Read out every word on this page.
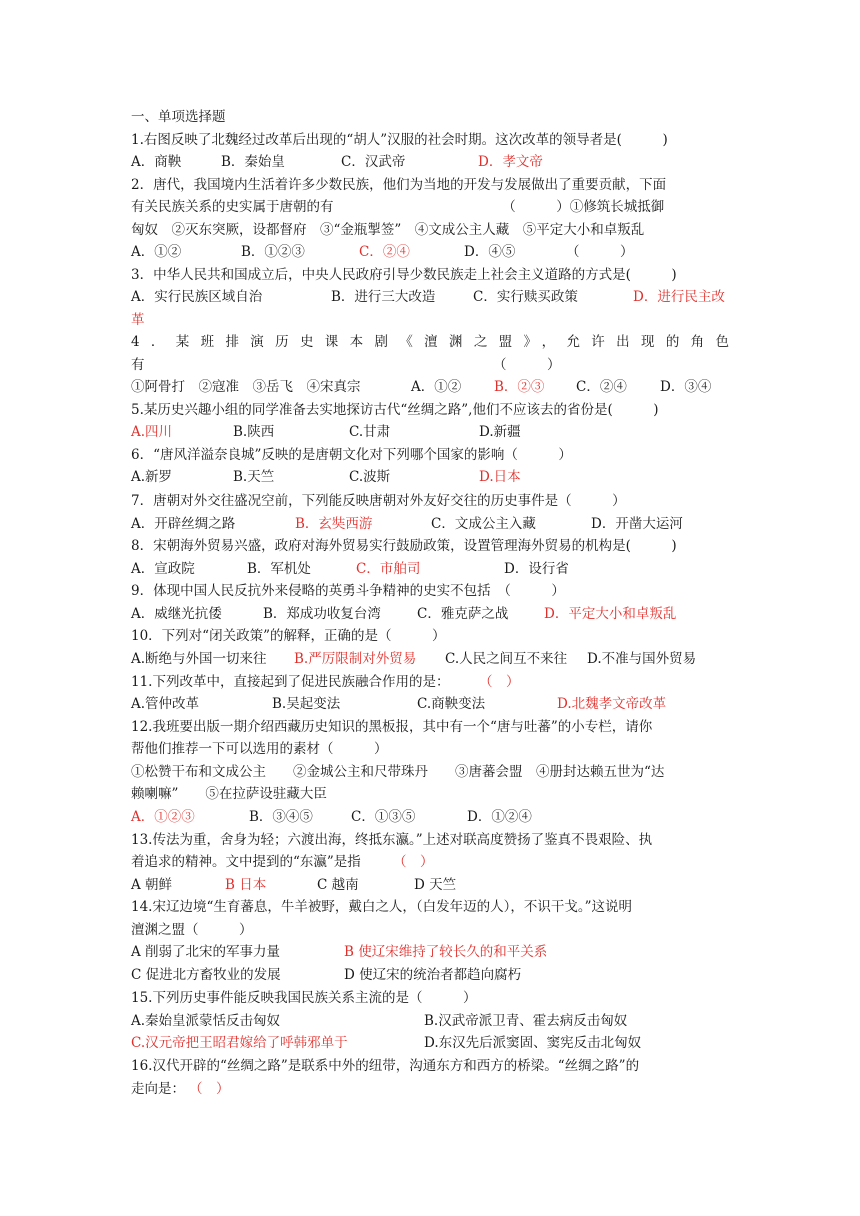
一、单项选择题
1.右图反映了北魏经过改革后出现的“胡人”汉服的社会时期。这次改革的领导者是(　　　)
A．商鞅	B．秦始皇	C．汉武帝	D．孝文帝
2．唐代，我国境内生活着许多少数民族，他们为当地的开发与发展做出了重要贡献，下面
有关民族关系的史实属于唐朝的有　　　　　　　　　　　　　（　　　）①修筑长城抵御
匈奴　②灭东突厥，设都督府　③“金瓶掣签”　④文成公主人藏　⑤平定大小和卓叛乱
A．①②	B．①②③	C．②④	D．④⑤	（　　　）
3．中华人民共和国成立后，中央人民政府引导少数民族走上社会主义道路的方式是(　　　)
A．实行民族区域自治	B．进行三大改造	C．实行赎买政策	D．进行民主改
革
4．某班排演历史课本剧《澶渊之盟》，允许出现的角色
有	（　　　）
①阿骨打　②寇准　③岳飞　④宋真宗	A．①② B．②③ C．②④ D．③④
5.某历史兴趣小组的同学准备去实地探访古代“丝绸之路”,他们不应该去的省份是(　　　)
A.四川	B.陕西	C.甘肃	D.新疆
6．“唐风洋溢奈良城”反映的是唐朝文化对下列哪个国家的影响（　　　）
A.新罗	B.天竺	C.波斯	D.日本
7．唐朝对外交往盛况空前，下列能反映唐朝对外友好交往的历史事件是（　　　）
A．开辟丝绸之路	B．玄奘西游	C．文成公主入藏	D．开凿大运河
8．宋朝海外贸易兴盛，政府对海外贸易实行鼓励政策，设置管理海外贸易的机构是(　　　)
A．宣政院	B．军机处	C．市舶司	D．设行省
9．体现中国人民反抗外来侵略的英勇斗争精神的史实不包括　（　　　）
A．威继光抗倭	B．郑成功收复台湾	C．雅克萨之战	D．平定大小和卓叛乱
10．下列对“闭关政策”的解释，正确的是（　　　）
A.断绝与外国一切来往 B.严厉限制对外贸易 C.人民之间互不来往 D.不准与国外贸易
11.下列改革中，直接起到了促进民族融合作用的是： （　）
A.管仲改革	B.吴起变法	C.商鞅变法	D.北魏孝文帝改革
12.我班要出版一期介绍西藏历史知识的黑板报，其中有一个“唐与吐蕃”的小专栏，请你
帮他们推荐一下可以选用的素材（　　　）
①松赞干布和文成公主　　②金城公主和尺带珠丹　　③唐蕃会盟　④册封达赖五世为“达
赖喇嘛”　　⑤在拉萨设驻藏大臣
A．①②③	B．③④⑤	C．①③⑤	D．①②④
13.传法为重，舍身为轻；六渡出海，终抵东瀛。”上述对联高度赞扬了鉴真不畏艰险、执
着追求的精神。文中提到的“东瀛”是指 （　）
A 朝鲜	B 日本	C 越南	D 天竺
14.宋辽边境“生育蕃息，牛羊被野，戴白之人，（白发年迈的人），不识干戈。”这说明
澶渊之盟（　　　）
A 削弱了北宋的军事力量	B 使辽宋维持了较长久的和平关系
C 促进北方畜牧业的发展	D 使辽宋的统治者都趋向腐朽
15.下列历史事件能反映我国民族关系主流的是（　　　）
A.秦始皇派蒙恬反击匈奴	B.汉武帝派卫青、霍去病反击匈奴
C.汉元帝把王昭君嫁给了呼韩邪单于	D.东汉先后派窦固、窦宪反击北匈奴
16.汉代开辟的“丝绸之路”是联系中外的纽带，沟通东方和西方的桥梁。“丝绸之路”的
走向是： （　）
